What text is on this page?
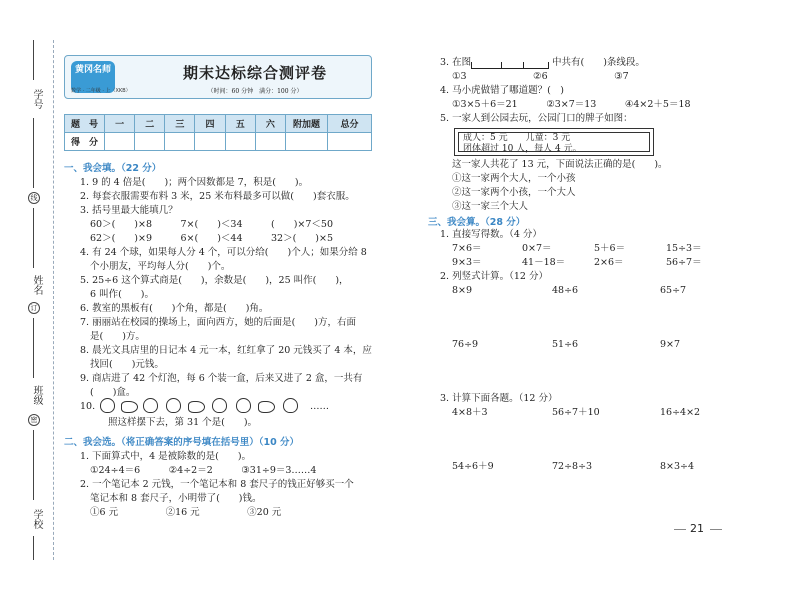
学号
线
姓名
订
班级
密
学校
黄冈名师
数学 · 二年级 · 上（XKB）
期末达标综合测评卷
（时间：60 分钟　满分：100 分）
题　号	一	二	三	四	五	六	附加题	总分
得　分								
一、我会填。（22 分）
1. 9 的 4 倍是(　　)；两个因数都是 7，积是(　　)。
2. 每套衣服需要布料 3 米，25 米布料最多可以做(　　)套衣服。
3. 括号里最大能填几？
60＞(　　)×8　　　7×(　　)＜34　　　(　　)×7＜50
62＞(　　)×9　　　6×(　　)＜44　　　32＞(　　)×5
4. 有 24 个球，如果每人分 4 个，可以分给(　　)个人；如果分给 8
个小朋友，平均每人分(　　)个。
5. 25÷6 这个算式商是(　　)，余数是(　　)，25 叫作(　　)，
6 叫作(　　)。
6. 教室的黑板有(　　)个角，都是(　　)角。
7. 丽丽站在校园的操场上，面向西方，她的后面是(　　)方，右面
是(　　)方。
8. 晨光文具店里的日记本 4 元一本，红红拿了 20 元钱买了 4 本，应
找回(　　)元钱。
9. 商店进了 42 个灯泡，每 6 个装一盒，后来又进了 2 盒，一共有
(　　)盒。
10.	……
照这样摆下去，第 31 个是(　　)。
二、我会选。（将正确答案的序号填在括号里）（10 分）
1. 下面算式中，4 是被除数的是(　　)。
①24÷4＝6　　　②4÷2＝2　　　③31÷9＝3……4
2. 一个笔记本 2 元钱，一个笔记本和 8 套尺子的钱正好够买一个
笔记本和 8 套尺子，小明带了(　　)钱。
①6 元　　　　　②16 元　　　　　③20 元
3. 在图	中共有(　　)条线段。
①3　　　　　　　②6　　　　　　　③7
4. 马小虎做错了哪道题？(　)
①3×5＋6＝21　　　②3×7＝13　　　④4×2＋5＝18
5. 一家人到公园去玩，公园门口的牌子如图：
成人：5 元　　儿童：3 元
团体超过 10 人，每人 4 元。
这一家人共花了 13 元，下面说法正确的是(　　)。
①这一家两个大人，一个小孩
②这一家两个小孩，一个大人
③这一家三个大人
三、我会算。（28 分）
1. 直接写得数。（4 分）
7×6＝	0×7＝	5＋6＝	15÷3＝
9×3＝	41－18＝	2×6＝	56÷7＝
2. 列竖式计算。（12 分）
8×9	48÷6	65÷7
76÷9	51÷6	9×7
3. 计算下面各题。（12 分）
4×8＋3	56÷7＋10	16÷4×2
54÷6＋9	72÷8÷3	8×3÷4
21
